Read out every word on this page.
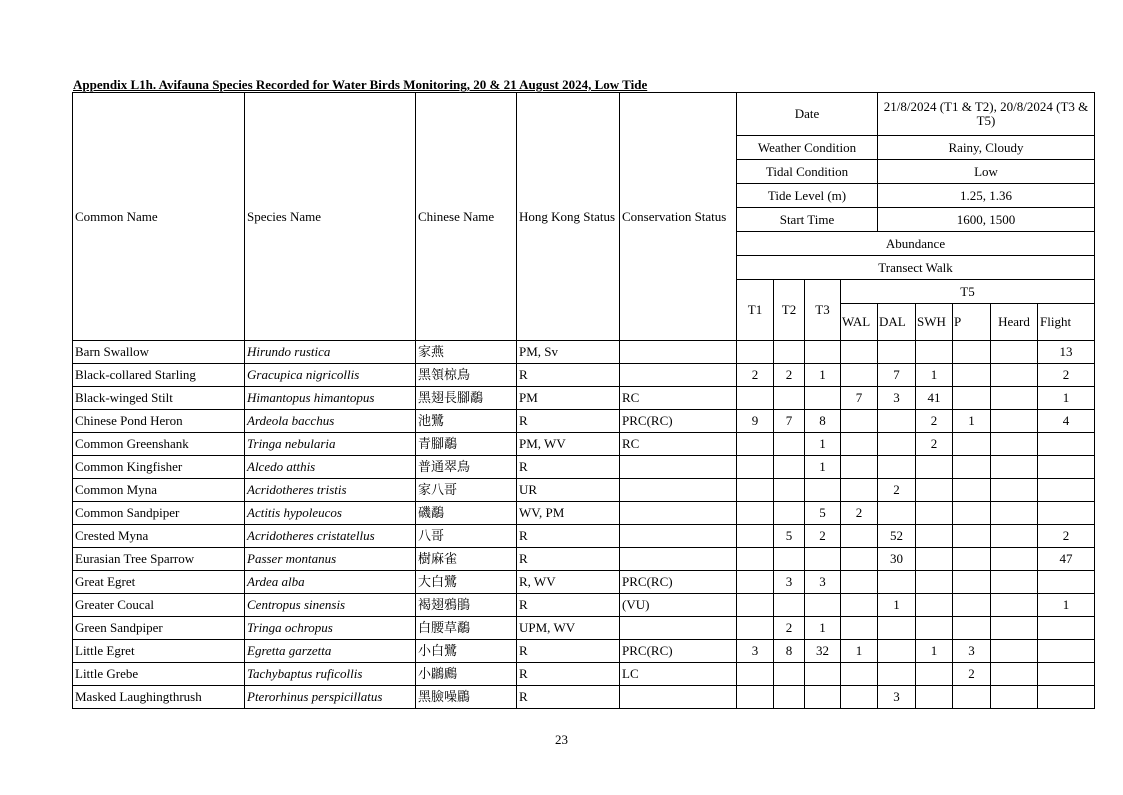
Appendix L1h. Avifauna Species Recorded for Water Birds Monitoring, 20 & 21 August 2024, Low Tide
Common Name	Species Name	Chinese Name	Hong Kong Status	Conservation Status	Date				21/8/2024 (T1 & T2), 20/8/2024 (T3 & T5)				
					Weather Condition				Rainy, Cloudy				
					Tidal Condition				Low				
					Tide Level (m)				1.25, 1.36				
					Start Time				1600, 1500				
					Abundance								
					Transect Walk								
					T1	T2	T3	T5					
								WAL	DAL	SWH	P	Heard	Flight

Barn Swallow	Hirundo rustica	家燕	PM, Sv										13
Black-collared Starling	Gracupica nigricollis	黑領椋鳥	R		2	2	1		7	1			2
Black-winged Stilt	Himantopus himantopus	黑翅長腳鷸	PM	RC				7	3	41			1
Chinese Pond Heron	Ardeola bacchus	池鷺	R	PRC(RC)	9	7	8			2	1		4
Common Greenshank	Tringa nebularia	青腳鷸	PM, WV	RC			1			2			
Common Kingfisher	Alcedo atthis	普通翠鳥	R				1						
Common Myna	Acridotheres tristis	家八哥	UR						2				
Common Sandpiper	Actitis hypoleucos	磯鷸	WV, PM				5	2					
Crested Myna	Acridotheres cristatellus	八哥	R			5	2		52				2
Eurasian Tree Sparrow	Passer montanus	樹麻雀	R						30				47
Great Egret	Ardea alba	大白鷺	R, WV	PRC(RC)		3	3						
Greater Coucal	Centropus sinensis	褐翅鴉鵑	R	(VU)					1				1
Green Sandpiper	Tringa ochropus	白腰草鷸	UPM, WV			2	1						
Little Egret	Egretta garzetta	小白鷺	R	PRC(RC)	3	8	32	1		1	3		
Little Grebe	Tachybaptus ruficollis	小鸊鷉	R	LC							2		
Masked Laughingthrush	Pterorhinus perspicillatus	黑臉噪鶥	R						3				
23
